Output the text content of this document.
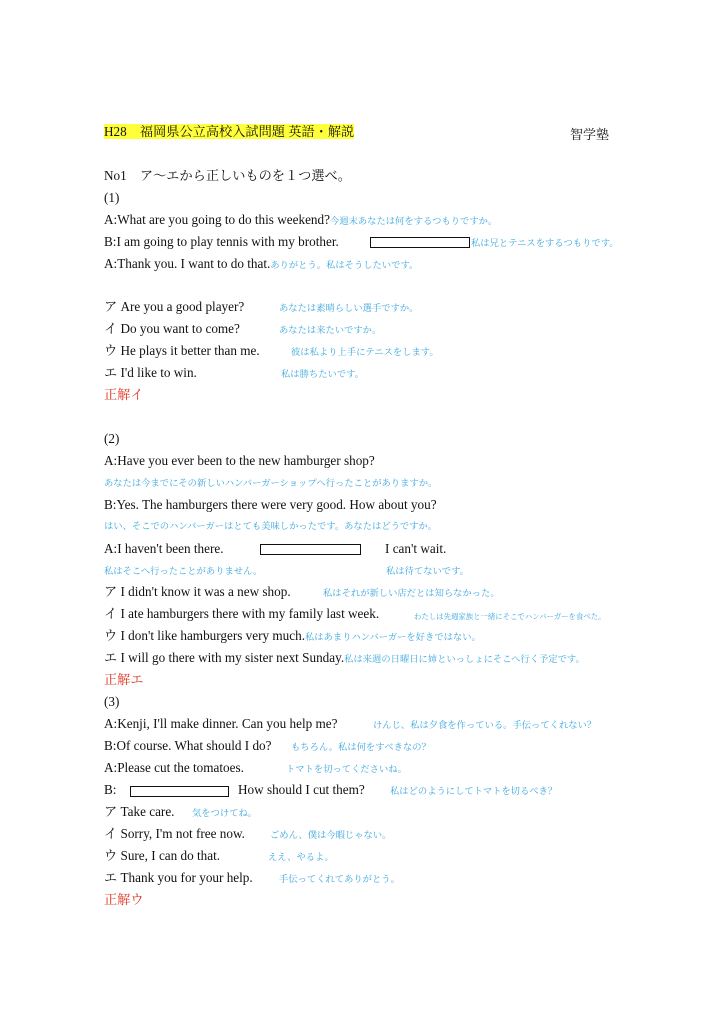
H28　福岡県公立高校入試問題 英語・解説	智学塾
No1　ア～エから正しいものを１つ選べ。
(1)
A:What are you going to do this weekend?今週末あなたは何をするつもりですか。
B:I am going to play tennis with my brother.	私は兄とテニスをするつもりです。
A:Thank you. I want to do that.ありがとう。私はそうしたいです。
ア Are you a good player?	あなたは素晴らしい選手ですか。
イ Do you want to come?	あなたは来たいですか。
ウ He plays it better than me.	彼は私より上手にテニスをします。
エ I'd like to win.	私は勝ちたいです。
正解イ
(2)
A:Have you ever been to the new hamburger shop?
あなたは今までにその新しいハンバーガーショップへ行ったことがありますか。
B:Yes. The hamburgers there were very good. How about you?
はい、そこでのハンバーガーはとても美味しかったです。あなたはどうですか。
A:I haven't been there.	I can't wait.
私はそこへ行ったことがありません。	私は待てないです。
ア I didn't know it was a new shop.	私はそれが新しい店だとは知らなかった。
イ I ate hamburgers there with my family last week.	わたしは先週家族と一緒にそこでハンバーガーを食べた。
ウ I don't like hamburgers very much.私はあまりハンバーガーを好きではない。
エ I will go there with my sister next Sunday.私は来週の日曜日に姉といっしょにそこへ行く予定です。
正解エ
(3)
A:Kenji, I'll make dinner. Can you help me?	けんじ、私は夕食を作っている。手伝ってくれない？
B:Of course. What should I do? もちろん。私は何をすべきなの？
A:Please cut the tomatoes.	トマトを切ってくださいね。
B:	How should I cut them?	私はどのようにしてトマトを切るべき？
ア Take care. 気をつけてね。
イ Sorry, I'm not free now.	ごめん、僕は今暇じゃない。
ウ Sure, I can do that.	ええ、やるよ。
エ Thank you for your help.	手伝ってくれてありがとう。
正解ウ
